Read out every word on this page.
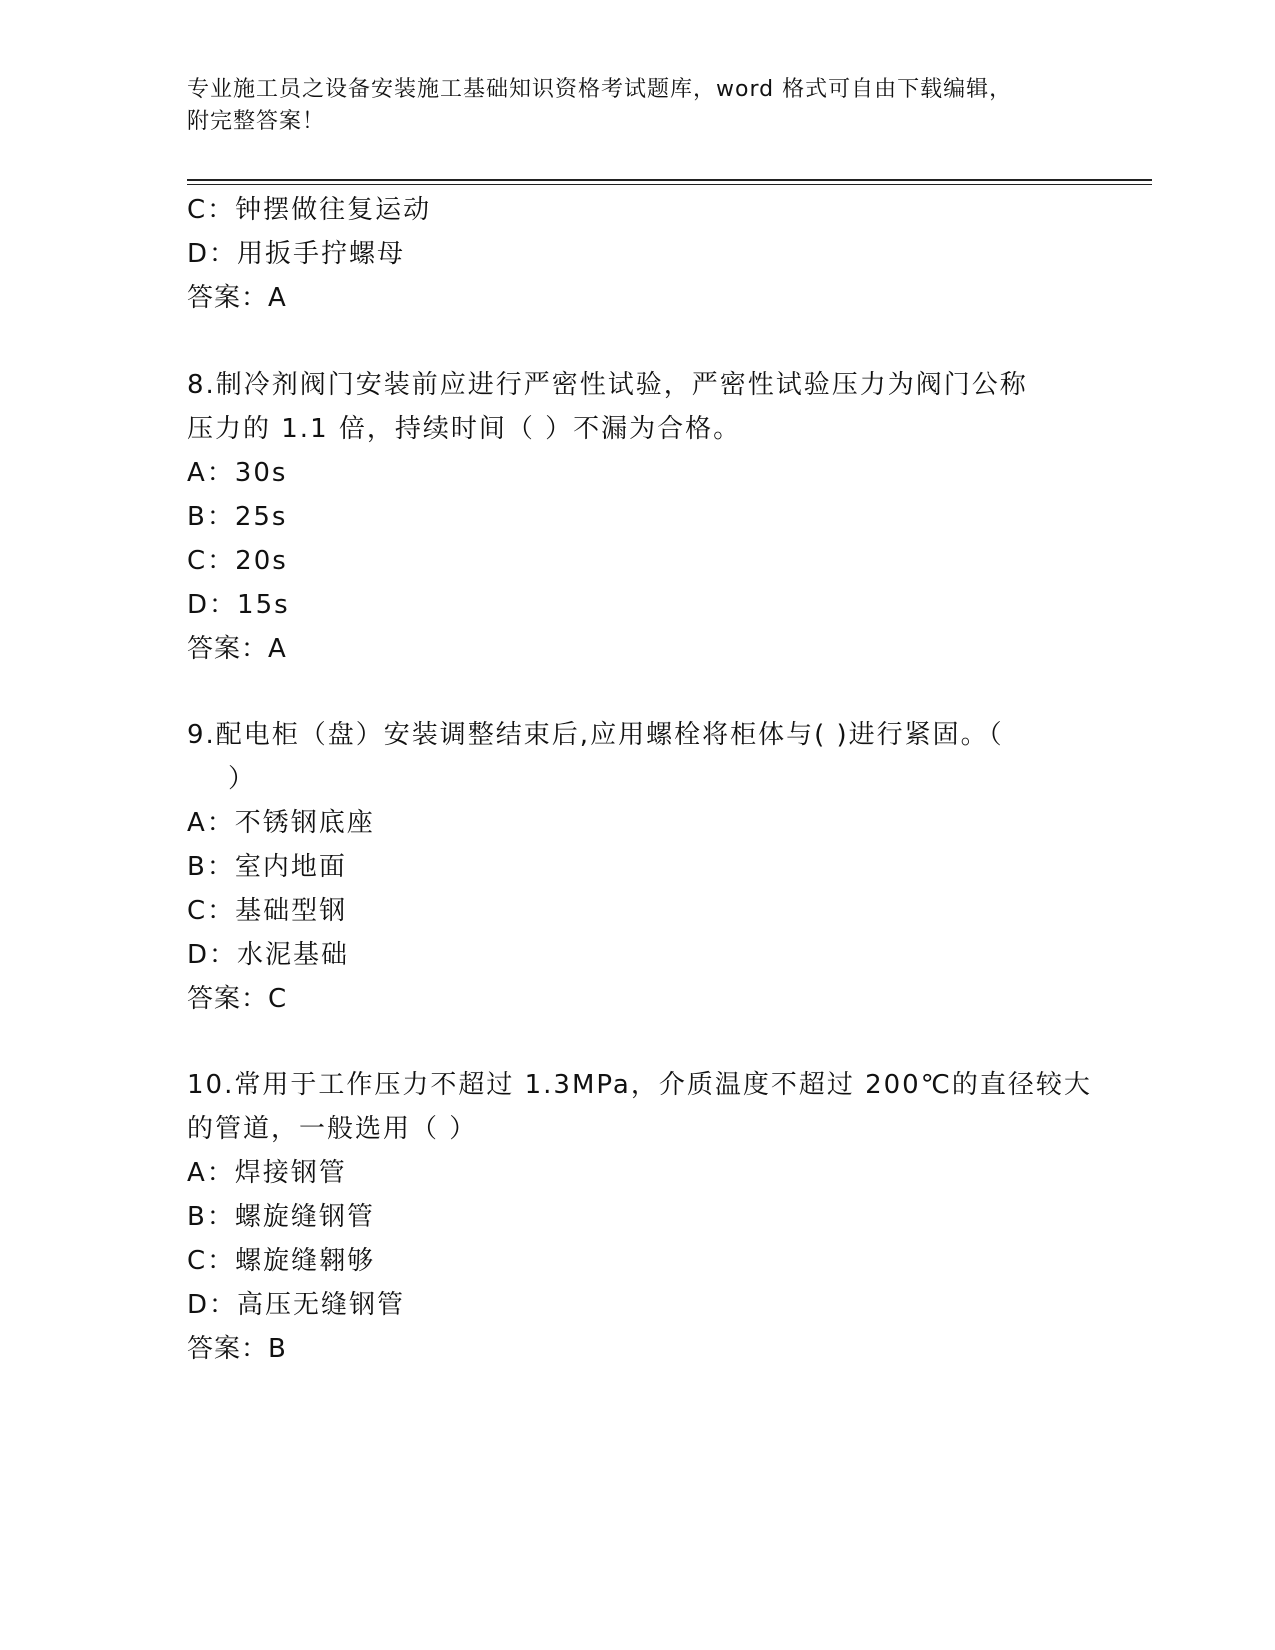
专业施工员之设备安装施工基础知识资格考试题库，word 格式可自由下载编辑，
附完整答案！
C：钟摆做往复运动
D：用扳手拧螺母
答案：A
8.制冷剂阀门安装前应进行严密性试验，严密性试验压力为阀门公称
压力的 1.1 倍，持续时间（ ）不漏为合格。
A：30s
B：25s
C：20s
D：15s
答案：A
9.配电柜（盘）安装调整结束后,应用螺栓将柜体与( )进行紧固。（
）
A：不锈钢底座
B：室内地面
C：基础型钢
D：水泥基础
答案：C
10.常用于工作压力不超过 1.3MPa，介质温度不超过 200℃的直径较大
的管道，一般选用（ ）
A：焊接钢管
B：螺旋缝钢管
C：螺旋缝翱够
D：高压无缝钢管
答案：B
